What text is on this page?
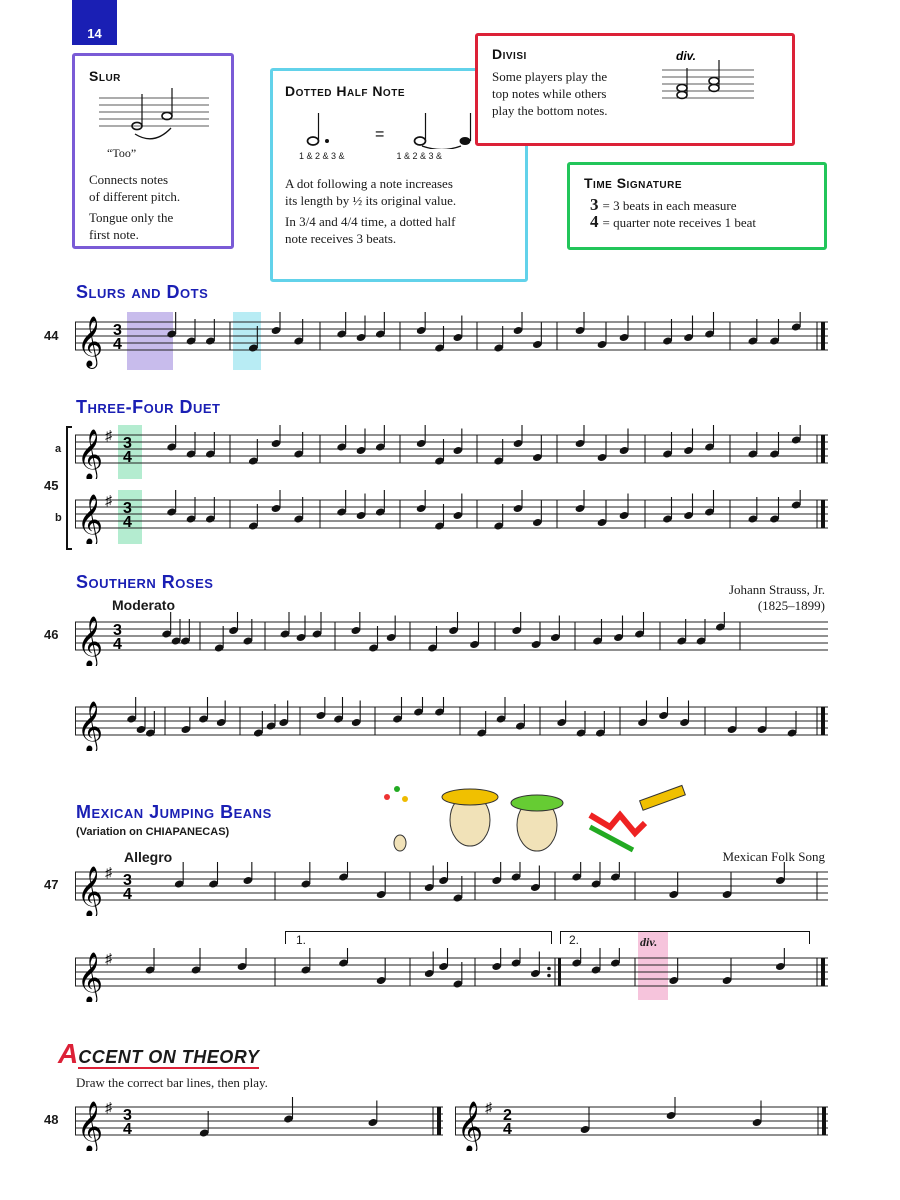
14
Slur
“Too”

Connects notes

of different pitch.

Tongue only the

first note.

Dotted Half Note
=
1 & 2 & 3 &	1 & 2 & 3 &

A dot following a note increases

its length by ½ its original value.

In 3/4 and 4/4 time, a dotted half

note receives 3 beats.

Divisi

Some players play the

top notes while others

play the bottom notes.

div.
Time Signature
3 = 3 beats in each measure
4 = quarter note receives 1 beat
Slurs and Dots
44 𝄞 3
4
Three-Four Duet
a
45
b
𝄞 ♯ 3
4
𝄞 ♯ 3
4
Southern Roses
Moderato
Johann Strauss, Jr.
(1825–1899)
46 𝄞 3
4
𝄞
Mexican Jumping Beans
(Variation on CHIAPANECAS)
Allegro	Mexican Folk Song
47 𝄞 ♯ 3
4
1.	2.	div.
𝄞 ♯
ACCENT ON THEORY
Draw the correct bar lines, then play.
48 𝄞 ♯ 3
4	𝄞 ♯ 2
4
